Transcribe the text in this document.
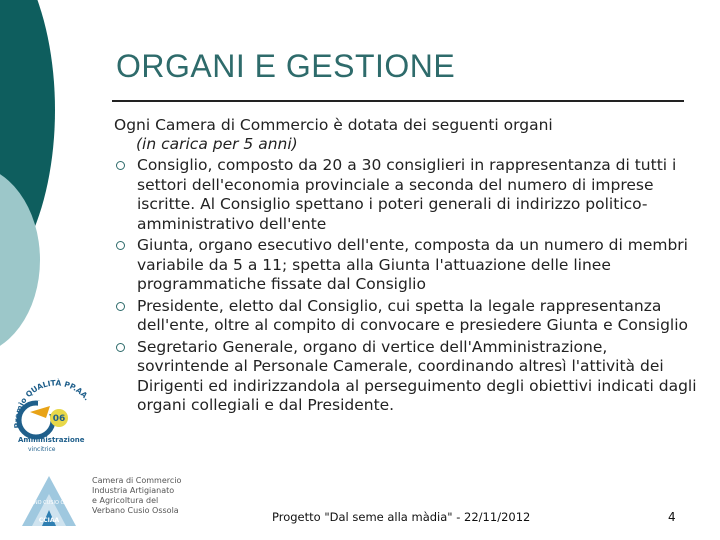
ORGANI E GESTIONE
Ogni Camera di Commercio è dotata dei seguenti organi
(in carica per 5 anni)
Consiglio, composto da 20 a 30 consiglieri in rappresentanza di tutti i settori dell'economia provinciale a seconda del numero di imprese iscritte. Al Consiglio spettano i poteri generali di indirizzo politico-amministrativo dell'ente
Giunta, organo esecutivo dell'ente, composta da un numero di membri variabile da 5 a 11; spetta alla Giunta l'attuazione delle linee programmatiche fissate dal Consiglio
Presidente, eletto dal Consiglio, cui spetta la legale rappresentanza dell'ente, oltre al compito di convocare e presiedere Giunta e Consiglio
Segretario Generale, organo di vertice dell'Amministrazione, sovrintende al Personale Camerale, coordinando altresì l'attività dei Dirigenti ed indirizzandola al perseguimento degli obiettivi indicati dagli organi collegiali e dal Presidente.
Premio QUALITÀ PP.AA.
06
Amministrazione
vincitrice
VERBANO CUSIO OSSOLA
CCIAA
Camera di Commercio
Industria Artigianato
e Agricoltura del
Verbano Cusio Ossola	Progetto "Dal seme alla màdia" - 22/11/2012	4
